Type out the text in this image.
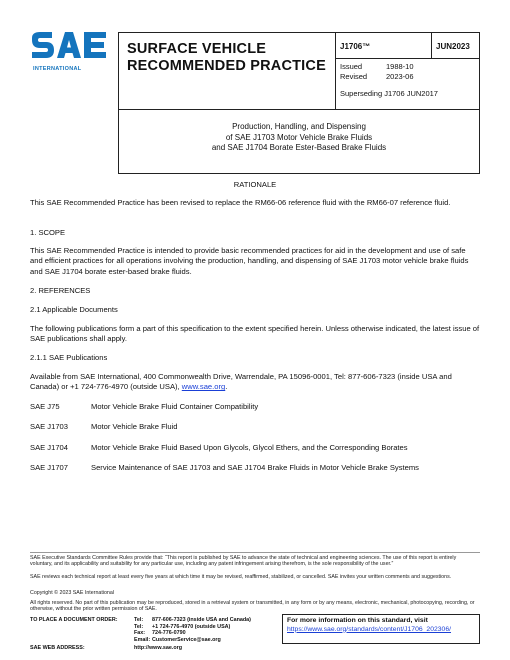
INTERNATIONAL
SURFACE VEHICLE
RECOMMENDED PRACTICE
J1706™	JUN2023
Issued	1988-10
Revised	2023-06
Superseding J1706 JUN2017
Production, Handling, and Dispensing
of SAE J1703 Motor Vehicle Brake Fluids
and SAE J1704 Borate Ester-Based Brake Fluids
RATIONALE
This SAE Recommended Practice has been revised to replace the RM66-06 reference fluid with the RM66-07 reference fluid.
1. SCOPE
This SAE Recommended Practice is intended to provide basic recommended practices for aid in the development and use of safe and efficient practices for all operations involving the production, handling, and dispensing of SAE J1703 motor vehicle brake fluids and SAE J1704 borate ester-based brake fluids.
2. REFERENCES
2.1 Applicable Documents
The following publications form a part of this specification to the extent specified herein. Unless otherwise indicated, the latest issue of SAE publications shall apply.
2.1.1 SAE Publications
Available from SAE International, 400 Commonwealth Drive, Warrendale, PA 15096-0001, Tel: 877-606-7323 (inside USA and Canada) or +1 724-776-4970 (outside USA), www.sae.org.
SAE J75	Motor Vehicle Brake Fluid Container Compatibility
SAE J1703	Motor Vehicle Brake Fluid
SAE J1704	Motor Vehicle Brake Fluid Based Upon Glycols, Glycol Ethers, and the Corresponding Borates
SAE J1707	Service Maintenance of SAE J1703 and SAE J1704 Brake Fluids in Motor Vehicle Brake Systems
SAE Executive Standards Committee Rules provide that: “This report is published by SAE to advance the state of technical and engineering sciences. The use of this report is entirely voluntary, and its applicability and suitability for any particular use, including any patent infringement arising therefrom, is the sole responsibility of the user.”
SAE reviews each technical report at least every five years at which time it may be revised, reaffirmed, stabilized, or cancelled. SAE invites your written comments and suggestions.
Copyright © 2023 SAE International
All rights reserved. No part of this publication may be reproduced, stored in a retrieval system or transmitted, in any form or by any means, electronic, mechanical, photocopying, recording, or otherwise, without the prior written permission of SAE.
TO PLACE A DOCUMENT ORDER:	Tel: 877-606-7323 (inside USA and Canada)
Tel: +1 724-776-4970 (outside USA)
Fax: 724-776-0790
Email: CustomerService@sae.org
SAE WEB ADDRESS:	http://www.sae.org
For more information on this standard, visit
https://www.sae.org/standards/content/J1706_202306/
